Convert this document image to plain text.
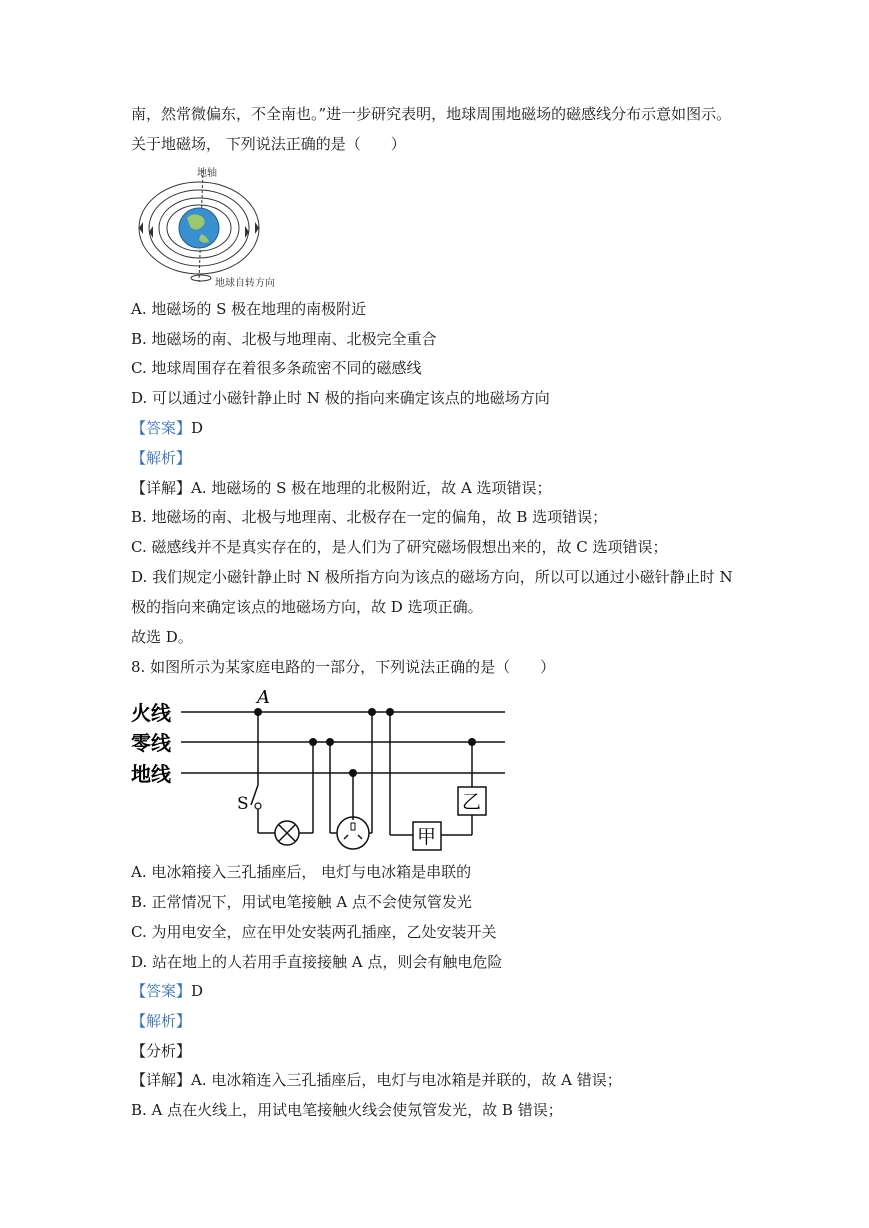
南，然常微偏东，不全南也。”进一步研究表明，地球周围地磁场的磁感线分布示意如图示。
关于地磁场， 下列说法正确的是（　　）
地轴
地球自转方向
A. 地磁场的 S 极在地理的南极附近
B. 地磁场的南、北极与地理南、北极完全重合
C. 地球周围存在着很多条疏密不同的磁感线
D. 可以通过小磁针静止时 N 极的指向来确定该点的地磁场方向
【答案】D
【解析】
【详解】A. 地磁场的 S 极在地理的北极附近，故 A 选项错误；
B. 地磁场的南、北极与地理南、北极存在一定的偏角，故 B 选项错误；
C. 磁感线并不是真实存在的，是人们为了研究磁场假想出来的，故 C 选项错误；
D. 我们规定小磁针静止时 N 极所指方向为该点的磁场方向，所以可以通过小磁针静止时 N
极的指向来确定该点的地磁场方向，故 D 选项正确。
故选 D。
8. 如图所示为某家庭电路的一部分，下列说法正确的是（　　）
火线
零线
地线
A
S
甲
乙
A. 电冰箱接入三孔插座后， 电灯与电冰箱是串联的
B. 正常情况下，用试电笔接触 A 点不会使氖管发光
C. 为用电安全，应在甲处安装两孔插座，乙处安装开关
D. 站在地上的人若用手直接接触 A 点，则会有触电危险
【答案】D
【解析】
【分析】
【详解】A. 电冰箱连入三孔插座后，电灯与电冰箱是并联的，故 A 错误；
B. A 点在火线上，用试电笔接触火线会使氖管发光，故 B 错误；
